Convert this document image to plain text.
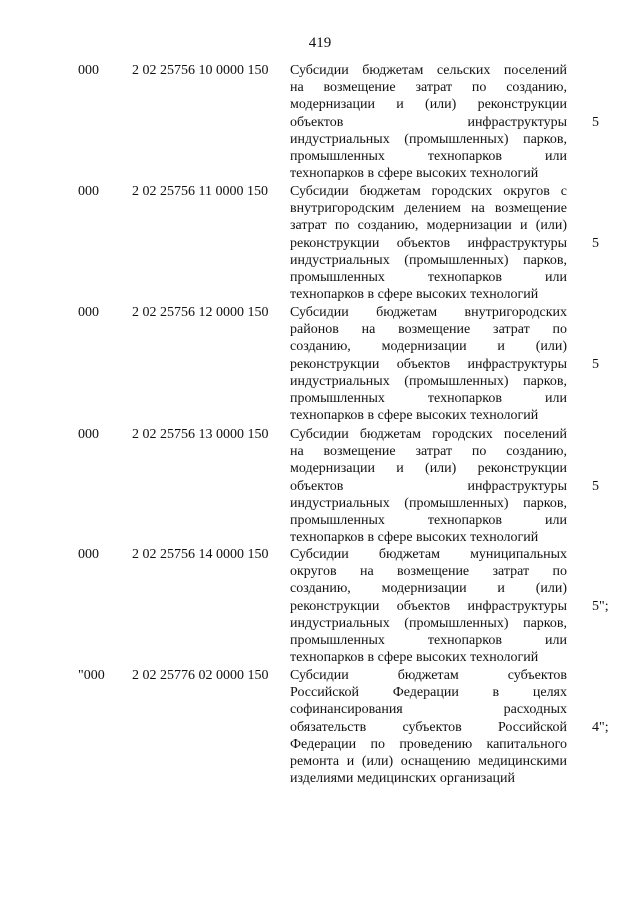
419
000 2 02 25756 10 0000 150 Субсидии бюджетам сельских поселений
на возмещение затрат по созданию,
модернизации и (или) реконструкции
объектов инфраструктуры
индустриальных (промышленных) парков,
промышленных технопарков или
технопарков в сфере высоких технологий
5
000 2 02 25756 11 0000 150 Субсидии бюджетам городских округов с
внутригородским делением на возмещение
затрат по созданию, модернизации и (или)
реконструкции объектов инфраструктуры
индустриальных (промышленных) парков,
промышленных технопарков или
технопарков в сфере высоких технологий
5
000 2 02 25756 12 0000 150 Субсидии бюджетам внутригородских
районов на возмещение затрат по
созданию, модернизации и (или)
реконструкции объектов инфраструктуры
индустриальных (промышленных) парков,
промышленных технопарков или
технопарков в сфере высоких технологий
5
000 2 02 25756 13 0000 150 Субсидии бюджетам городских поселений
на возмещение затрат по созданию,
модернизации и (или) реконструкции
объектов инфраструктуры
индустриальных (промышленных) парков,
промышленных технопарков или
технопарков в сфере высоких технологий
5
000 2 02 25756 14 0000 150 Субсидии бюджетам муниципальных
округов на возмещение затрат по
созданию, модернизации и (или)
реконструкции объектов инфраструктуры
индустриальных (промышленных) парков,
промышленных технопарков или
технопарков в сфере высоких технологий
5";
"000 2 02 25776 02 0000 150 Субсидии бюджетам субъектов
Российской Федерации в целях
софинансирования расходных
обязательств субъектов Российской
Федерации по проведению капитального
ремонта и (или) оснащению медицинскими
изделиями медицинских организаций
4";
